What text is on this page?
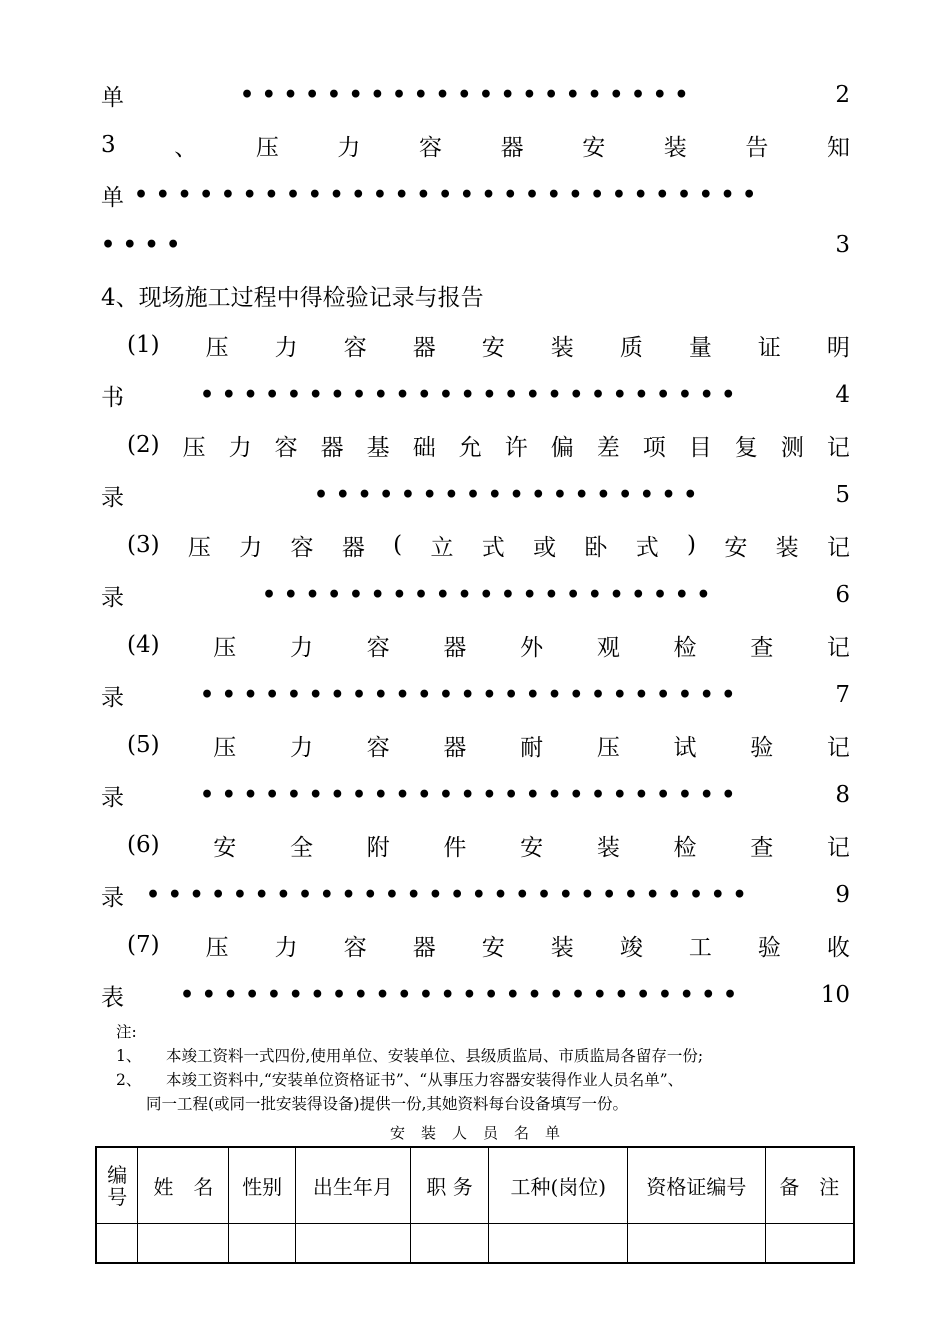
单	• • • • • • • • • • • • • • • • • • • • •	2
3	、	压	力	容	器	安	装	告	知
单 • • • • • • • • • • • • • • • • • • • • • • • • • • • • •
• • • •	3
4、现场施工过程中得检验记录与报告
(1) 压 力 容 器 安 装 质 量 证 明
书	• • • • • • • • • • • • • • • • • • • • • • • • •	4
(2) 压 力 容 器 基 础 允 许 偏 差 项 目 复 测 记
录	• • • • • • • • • • • • • • • • • •	5
(3) 压 力 容 器 ( 立 式 或 卧 式 ) 安 装 记
录	• • • • • • • • • • • • • • • • • • • • •	6
(4) 压 力 容 器 外 观 检 查 记
录	• • • • • • • • • • • • • • • • • • • • • • • • •	7
(5) 压 力 容 器 耐 压 试 验 记
录	• • • • • • • • • • • • • • • • • • • • • • • • •	8
(6) 安 全 附 件 安 装 检 查 记
录 • • • • • • • • • • • • • • • • • • • • • • • • • • • •	9
(7) 压 力 容 器 安 装 竣 工 验 收
表	• • • • • • • • • • • • • • • • • • • • • • • • • •	10
注:
1、	本竣工资料一式四份,使用单位、安装单位、县级质监局、市质监局各留存一份;
2、	本竣工资料中,“安装单位资格证书”、“从事压力容器安装得作业人员名单”、
同一工程(或同一批安装得设备)提供一份,其她资料每台设备填写一份。
安装人员名单
编
号	姓　名	性别	出生年月	职 务	工种(岗位)	资格证编号	备　注
